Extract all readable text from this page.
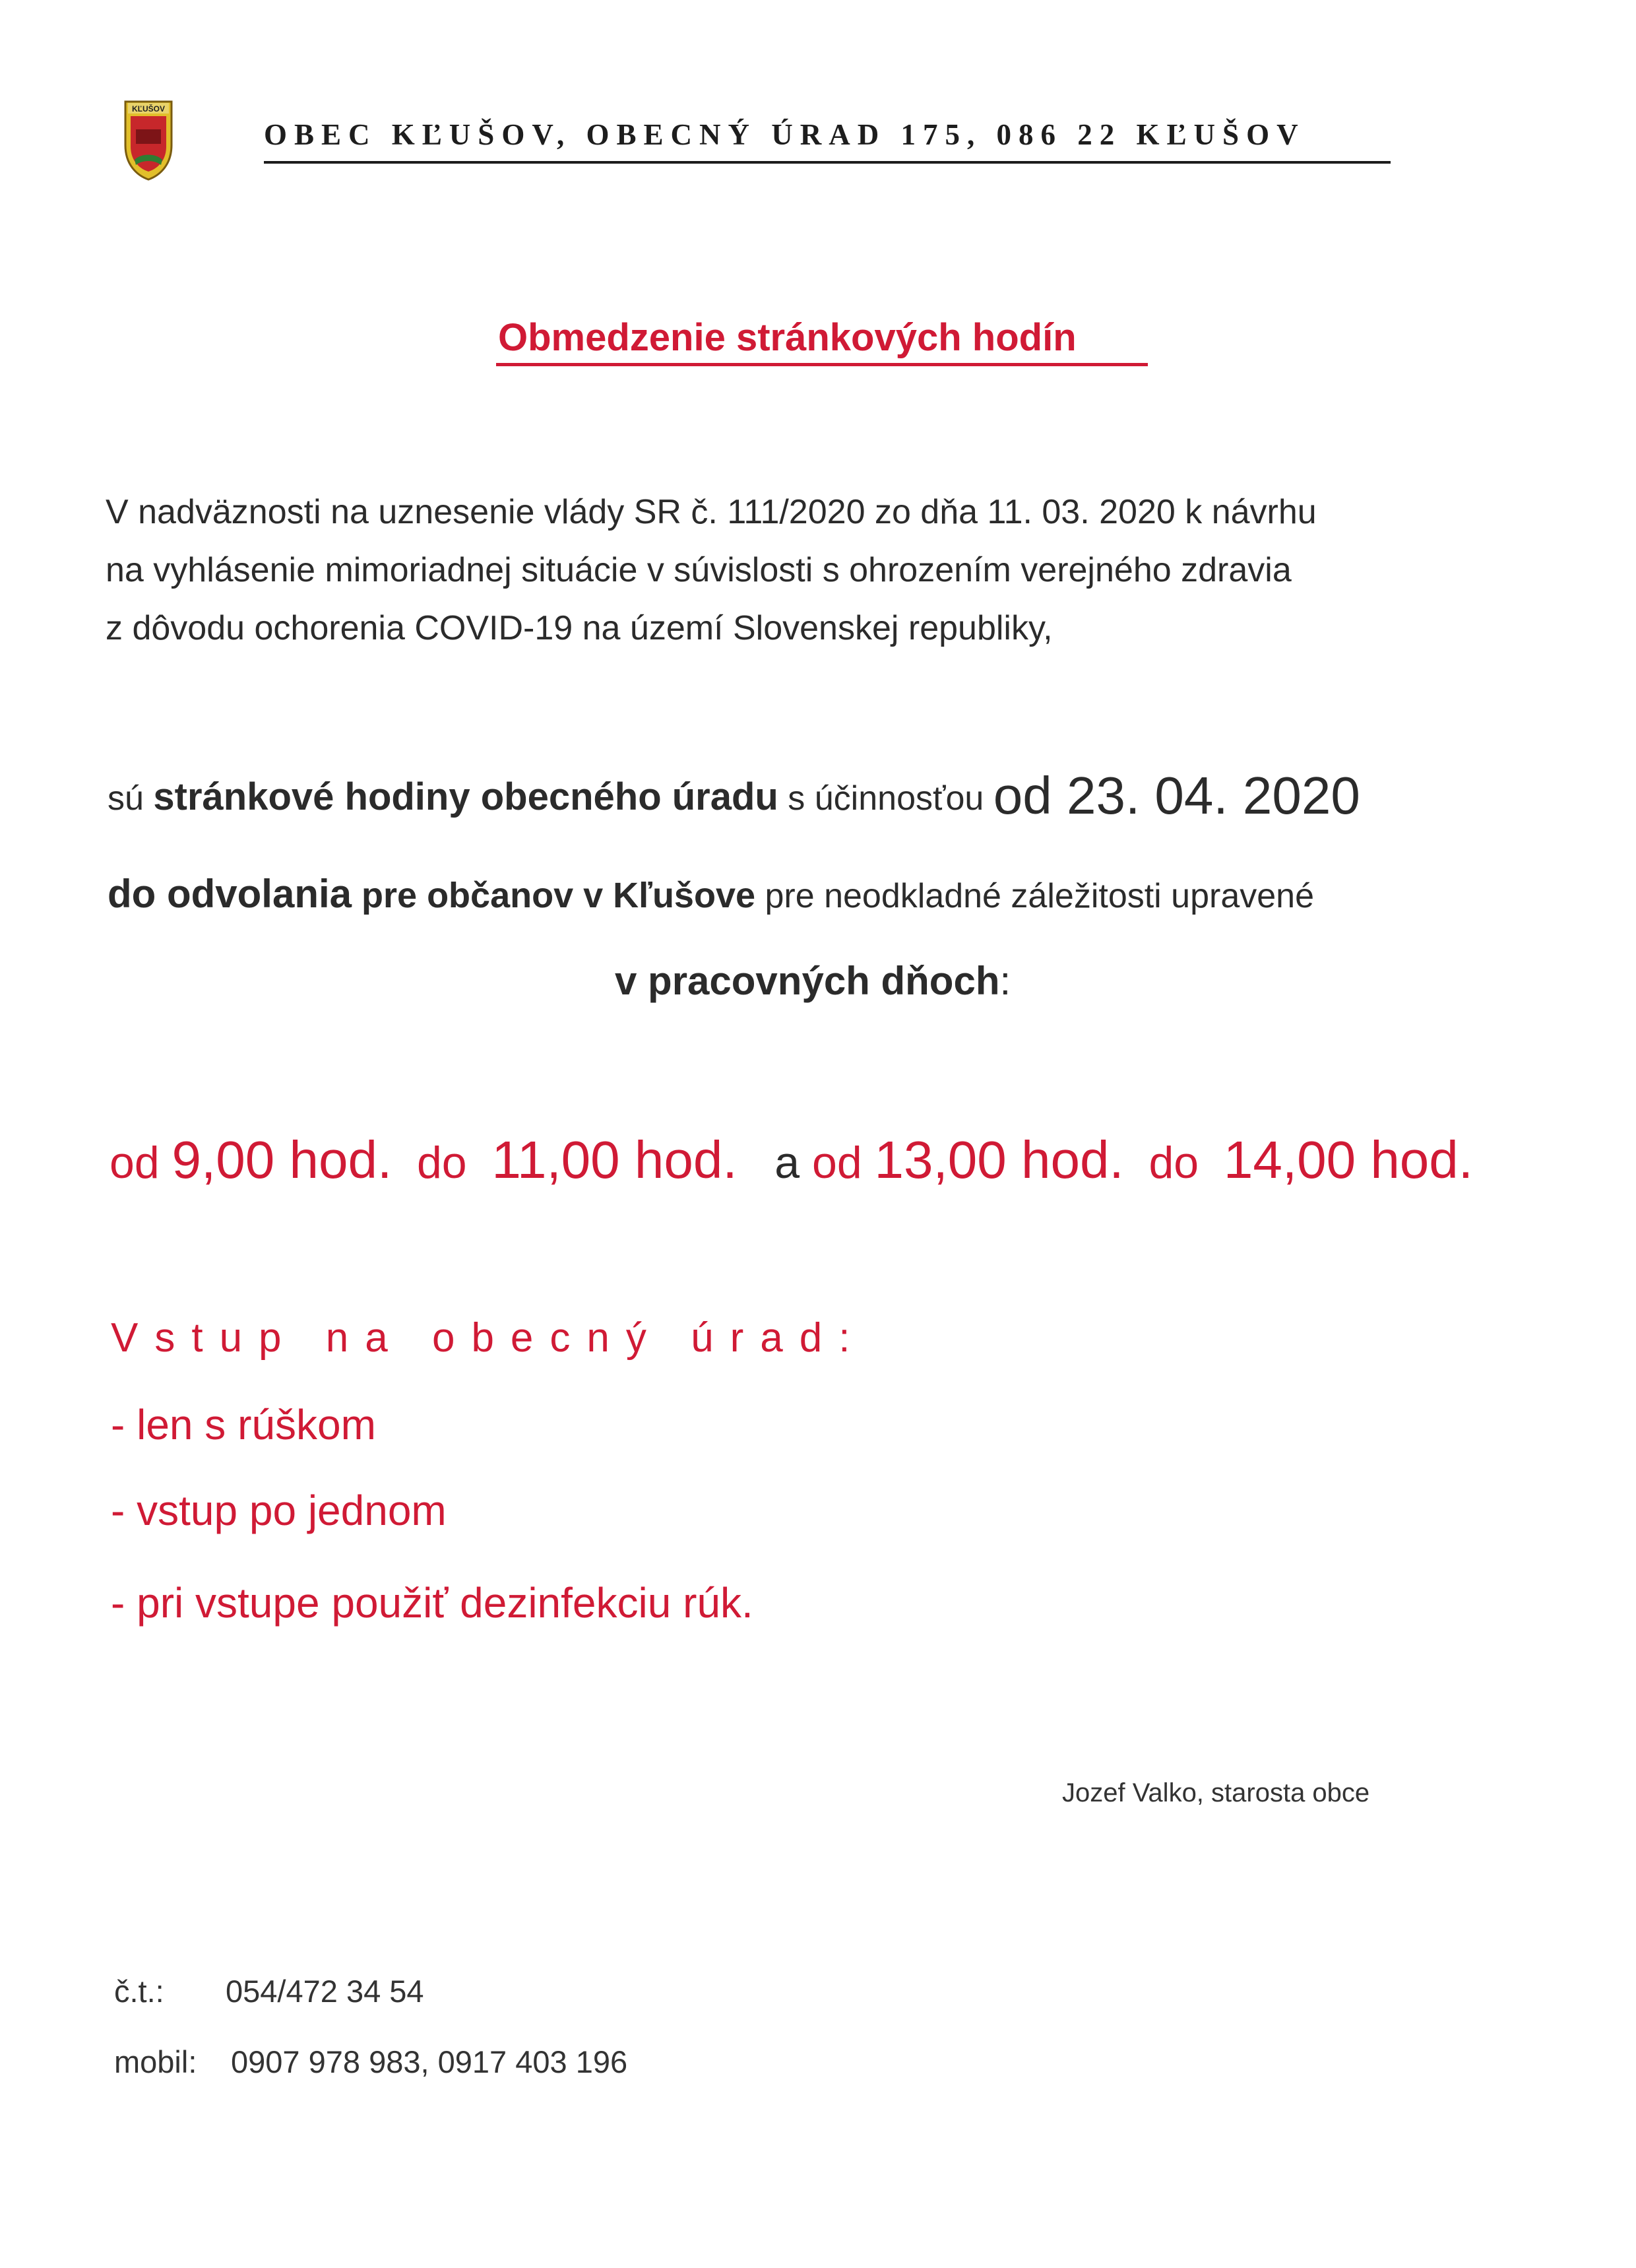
KĽUŠOV
OBEC KĽUŠOV, OBECNÝ ÚRAD 175, 086 22 KĽUŠOV
Obmedzenie stránkových hodín
V nadväznosti na uznesenie vlády SR č. 111/2020 zo dňa 11. 03. 2020 k návrhu
na vyhlásenie mimoriadnej situácie v súvislosti s ohrozením verejného zdravia
z dôvodu ochorenia COVID-19 na území Slovenskej republiky,
sú stránkové hodiny obecného úradu s účinnosťou od 23. 04. 2020
do odvolania pre občanov v Kľušove pre neodkladné záležitosti upravené
v pracovných dňoch:
od 9,00 hod. do 11,00 hod. a od 13,00 hod. do 14,00 hod.
Vstup na obecný úrad:
- len s rúškom
- vstup po jednom
- pri vstupe použiť dezinfekciu rúk.
Jozef Valko, starosta obce
č.t.: 054/472 34 54
mobil: 0907 978 983, 0917 403 196
